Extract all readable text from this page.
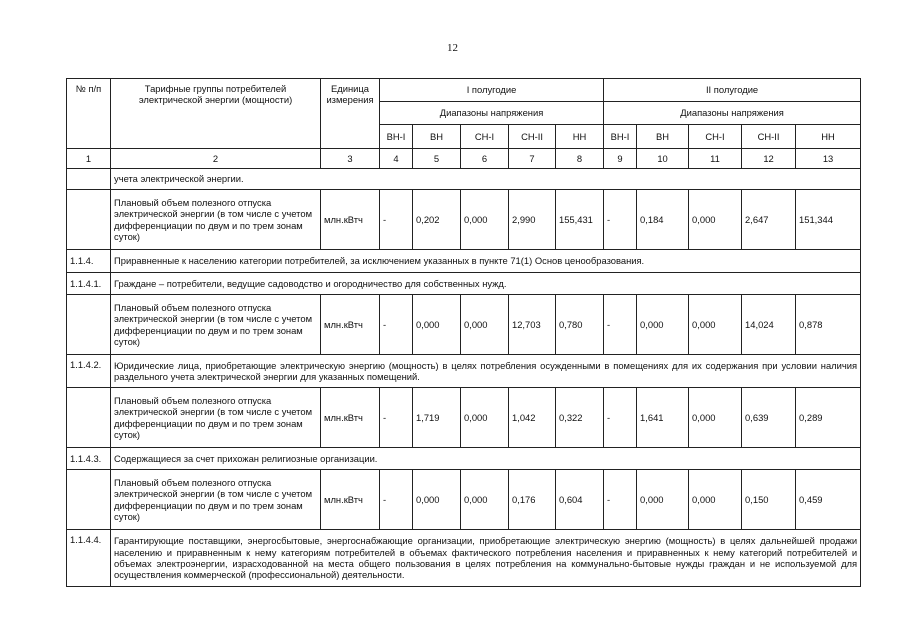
12
№ п/п	Тарифные группы потребителей электрической энергии (мощности)	Единица измерения	I полугодие					II полугодие				
			Диапазоны напряжения					Диапазоны напряжения				
			ВН-I	ВН	СН-I	СН-II	НН	ВН-I	ВН	СН-I	СН-II	НН
1	2	3	4	5	6	7	8	9	10	11	12	13
	учета электрической энергии.											
	Плановый объем полезного отпуска электрической энергии (в том числе с учетом дифференциации по двум и по трем зонам суток)	млн.кВтч	-	0,202	0,000	2,990	155,431	-	0,184	0,000	2,647	151,344
1.1.4.	Приравненные к населению категории потребителей, за исключением указанных в пункте 71(1) Основ ценообразования.											
1.1.4.1.	Граждане – потребители, ведущие садоводство и огородничество для собственных нужд.											
	Плановый объем полезного отпуска электрической энергии (в том числе с учетом дифференциации по двум и по трем зонам суток)	млн.кВтч	-	0,000	0,000	12,703	0,780	-	0,000	0,000	14,024	0,878
1.1.4.2.	Юридические лица, приобретающие электрическую энергию (мощность) в целях потребления осужденными в помещениях для их содержания при условии наличия раздельного учета электрической энергии для указанных помещений.											
	Плановый объем полезного отпуска электрической энергии (в том числе с учетом дифференциации по двум и по трем зонам суток)	млн.кВтч	-	1,719	0,000	1,042	0,322	-	1,641	0,000	0,639	0,289
1.1.4.3.	Содержащиеся за счет прихожан религиозные организации.											
	Плановый объем полезного отпуска электрической энергии (в том числе с учетом дифференциации по двум и по трем зонам суток)	млн.кВтч	-	0,000	0,000	0,176	0,604	-	0,000	0,000	0,150	0,459
1.1.4.4.	Гарантирующие поставщики, энергосбытовые, энергоснабжающие организации, приобретающие электрическую энергию (мощность) в целях дальнейшей продажи населению и приравненным к нему категориям потребителей в объемах фактического потребления населения и приравненных к нему категорий потребителей и объемах электроэнергии, израсходованной на места общего пользования в целях потребления на коммунально-бытовые нужды граждан и не используемой для осуществления коммерческой (профессиональной) деятельности.											
